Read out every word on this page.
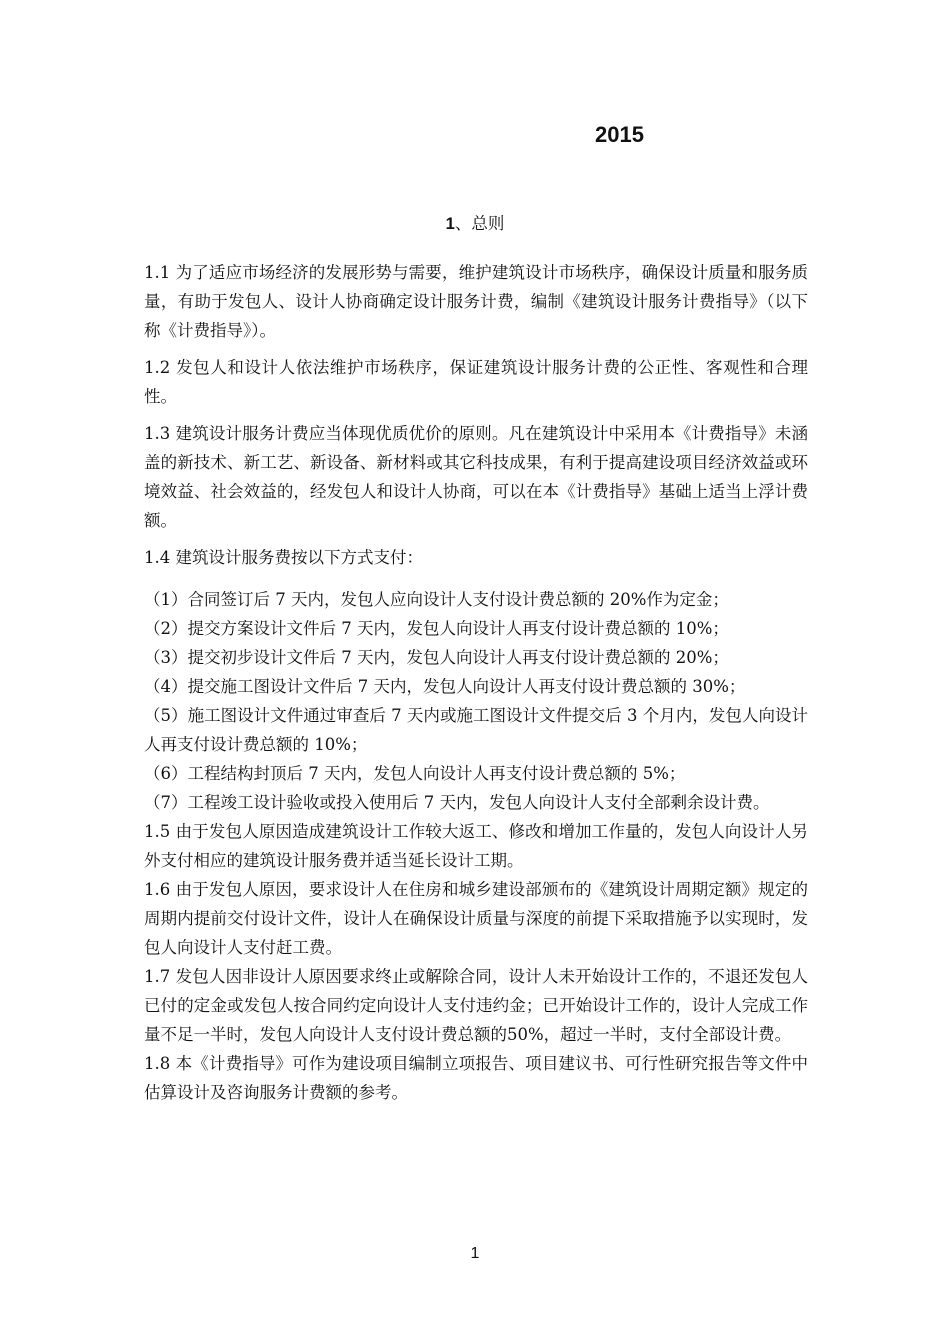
2015
1、总则

1.1 为了适应市场经济的发展形势与需要，维护建筑设计市场秩序，确保设计质量和服务质量，有助于发包人、设计人协商确定设计服务计费，编制《建筑设计服务计费指导》（以下称《计费指导》）。

1.2 发包人和设计人依法维护市场秩序，保证建筑设计服务计费的公正性、客观性和合理性。

1.3 建筑设计服务计费应当体现优质优价的原则。凡在建筑设计中采用本《计费指导》未涵盖的新技术、新工艺、新设备、新材料或其它科技成果，有利于提高建设项目经济效益或环境效益、社会效益的，经发包人和设计人协商，可以在本《计费指导》基础上适当上浮计费额。

1.4 建筑设计服务费按以下方式支付：

（1）合同签订后 7 天内，发包人应向设计人支付设计费总额的 20%作为定金；

（2）提交方案设计文件后 7 天内，发包人向设计人再支付设计费总额的 10%；

（3）提交初步设计文件后 7 天内，发包人向设计人再支付设计费总额的 20%；

（4）提交施工图设计文件后 7 天内，发包人向设计人再支付设计费总额的 30%；

（5）施工图设计文件通过审查后 7 天内或施工图设计文件提交后 3 个月内，发包人向设计人再支付设计费总额的 10%；

（6）工程结构封顶后 7 天内，发包人向设计人再支付设计费总额的 5%；

（7）工程竣工设计验收或投入使用后 7 天内，发包人向设计人支付全部剩余设计费。

1.5 由于发包人原因造成建筑设计工作较大返工、修改和增加工作量的，发包人向设计人另外支付相应的建筑设计服务费并适当延长设计工期。

1.6 由于发包人原因，要求设计人在住房和城乡建设部颁布的《建筑设计周期定额》规定的周期内提前交付设计文件，设计人在确保设计质量与深度的前提下采取措施予以实现时，发包人向设计人支付赶工费。

1.7 发包人因非设计人原因要求终止或解除合同，设计人未开始设计工作的，不退还发包人已付的定金或发包人按合同约定向设计人支付违约金；已开始设计工作的，设计人完成工作量不足一半时，发包人向设计人支付设计费总额的50%，超过一半时，支付全部设计费。

1.8 本《计费指导》可作为建设项目编制立项报告、项目建议书、可行性研究报告等文件中估算设计及咨询服务计费额的参考。

1
